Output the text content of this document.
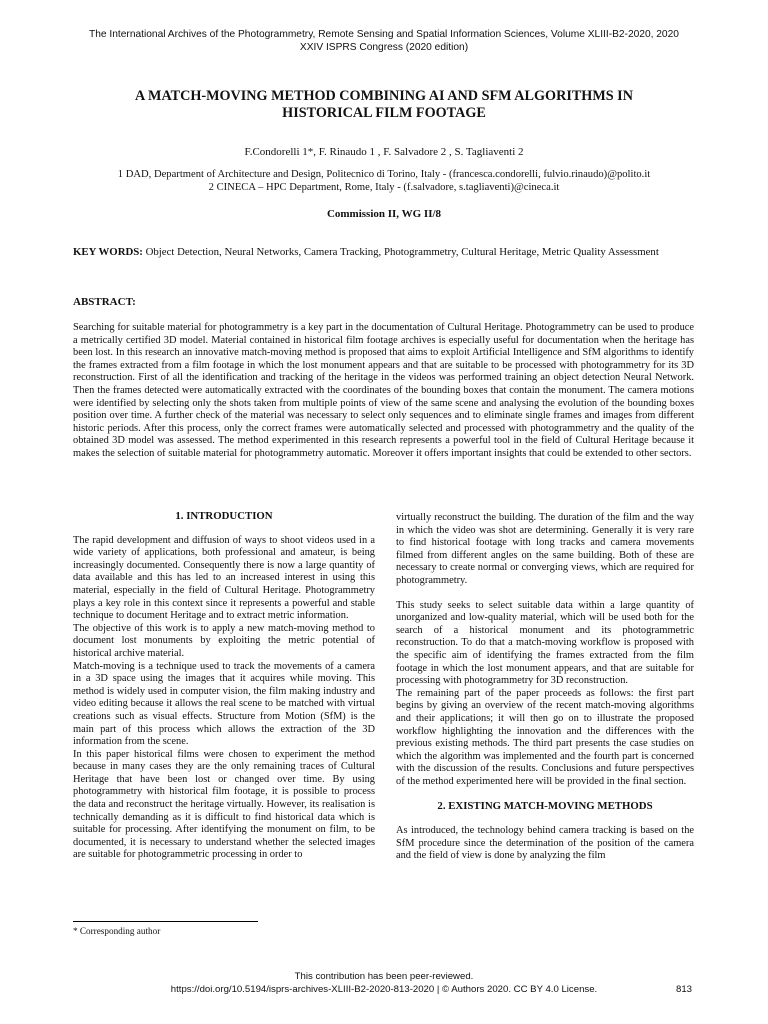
The International Archives of the Photogrammetry, Remote Sensing and Spatial Information Sciences, Volume XLIII-B2-2020, 2020
XXIV ISPRS Congress (2020 edition)
A MATCH-MOVING METHOD COMBINING AI AND SFM ALGORITHMS IN
HISTORICAL FILM FOOTAGE
F.Condorelli 1*, F. Rinaudo 1 , F. Salvadore 2 , S. Tagliaventi 2
1 DAD, Department of Architecture and Design, Politecnico di Torino, Italy - (francesca.condorelli, fulvio.rinaudo)@polito.it
2 CINECA – HPC Department, Rome, Italy - (f.salvadore, s.tagliaventi)@cineca.it
Commission II, WG II/8
KEY WORDS: Object Detection, Neural Networks, Camera Tracking, Photogrammetry, Cultural Heritage, Metric Quality Assessment
ABSTRACT:
Searching for suitable material for photogrammetry is a key part in the documentation of Cultural Heritage. Photogrammetry can be used to produce a metrically certified 3D model. Material contained in historical film footage archives is especially useful for documentation when the heritage has been lost. In this research an innovative match-moving method is proposed that aims to exploit Artificial Intelligence and SfM algorithms to identify the frames extracted from a film footage in which the lost monument appears and that are suitable to be processed with photogrammetry for its 3D reconstruction. First of all the identification and tracking of the heritage in the videos was performed training an object detection Neural Network. Then the frames detected were automatically extracted with the coordinates of the bounding boxes that contain the monument. The camera motions were identified by selecting only the shots taken from multiple points of view of the same scene and analysing the evolution of the bounding boxes position over time. A further check of the material was necessary to select only sequences and to eliminate single frames and images from different historic periods. After this process, only the correct frames were automatically selected and processed with photogrammetry and the quality of the obtained 3D model was assessed. The method experimented in this research represents a powerful tool in the field of Cultural Heritage because it makes the selection of suitable material for photogrammetry automatic. Moreover it offers important insights that could be extended to other sectors.
1. INTRODUCTION
The rapid development and diffusion of ways to shoot videos used in a wide variety of applications, both professional and amateur, is being increasingly documented. Consequently there is now a large quantity of data available and this has led to an increased interest in using this material, especially in the field of Cultural Heritage. Photogrammetry plays a key role in this context since it represents a powerful and stable technique to document Heritage and to extract metric information.
The objective of this work is to apply a new match-moving method to document lost monuments by exploiting the metric potential of historical archive material.
Match-moving is a technique used to track the movements of a camera in a 3D space using the images that it acquires while moving. This method is widely used in computer vision, the film making industry and video editing because it allows the real scene to be matched with virtual creations such as visual effects. Structure from Motion (SfM) is the main part of this process which allows the extraction of the 3D information from the scene.
In this paper historical films were chosen to experiment the method because in many cases they are the only remaining traces of Cultural Heritage that have been lost or changed over time. By using photogrammetry with historical film footage, it is possible to process the data and reconstruct the heritage virtually. However, its realisation is technically demanding as it is difficult to find historical data which is suitable for processing. After identifying the monument on film, to be documented, it is necessary to understand whether the selected images are suitable for photogrammetric processing in order to
virtually reconstruct the building. The duration of the film and the way in which the video was shot are determining. Generally it is very rare to find historical footage with long tracks and camera movements filmed from different angles on the same building. Both of these are necessary to create normal or converging views, which are required for photogrammetry.
This study seeks to select suitable data within a large quantity of unorganized and low-quality material, which will be used both for the search of a historical monument and its photogrammetric reconstruction. To do that a match-moving workflow is proposed with the specific aim of identifying the frames extracted from the film footage in which the lost monument appears, and that are suitable for processing with photogrammetry for 3D reconstruction.
The remaining part of the paper proceeds as follows: the first part begins by giving an overview of the recent match-moving algorithms and their applications; it will then go on to illustrate the proposed workflow highlighting the innovation and the differences with the previous existing methods. The third part presents the case studies on which the algorithm was implemented and the fourth part is concerned with the discussion of the results. Conclusions and future perspectives of the method experimented here will be provided in the final section.
2. EXISTING MATCH-MOVING METHODS
As introduced, the technology behind camera tracking is based on the SfM procedure since the determination of the position of the camera and the field of view is done by analyzing the film
* Corresponding author
This contribution has been peer-reviewed.
https://doi.org/10.5194/isprs-archives-XLIII-B2-2020-813-2020 | © Authors 2020. CC BY 4.0 License.	813
